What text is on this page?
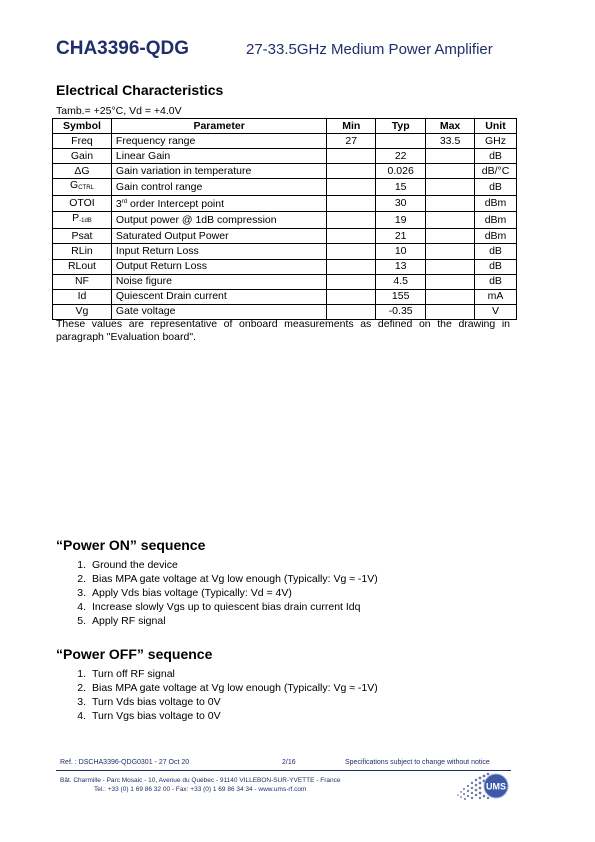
CHA3396-QDG	27-33.5GHz Medium Power Amplifier
Electrical Characteristics
Tamb.= +25°C, Vd = +4.0V
Symbol	Parameter	Min	Typ	Max	Unit
Freq	Frequency range	27		33.5	GHz
Gain	Linear Gain		22		dB
ΔG	Gain variation in temperature		0.026		dB/°C
GCTRL	Gain control range		15		dB
OTOI	3rd order Intercept point		30		dBm
P-1dB	Output power @ 1dB compression		19		dBm
Psat	Saturated Output Power		21		dBm
RLin	Input Return Loss		10		dB
RLout	Output Return Loss		13		dB
NF	Noise figure		4.5		dB
Id	Quiescent Drain current		155		mA
Vg	Gate voltage		-0.35		V
These values are representative of onboard measurements as defined on the drawing in paragraph "Evaluation board".
“Power ON” sequence
1. Ground the device
2. Bias MPA gate voltage at Vg low enough (Typically: Vg ≈ -1V)
3. Apply Vds bias voltage (Typically: Vd = 4V)
4. Increase slowly Vgs up to quiescent bias drain current Idq
5. Apply RF signal
“Power OFF” sequence
1. Turn off RF signal
2. Bias MPA gate voltage at Vg low enough (Typically: Vg ≈ -1V)
3. Turn Vds bias voltage to 0V
4. Turn Vgs bias voltage to 0V
Ref. : DSCHA3396-QDG0301 - 27 Oct 20	2/16	Specifications subject to change without notice
Bât. Charmille - Parc Mosaic - 10, Avenue du Québec - 91140 VILLEBON-SUR-YVETTE - France
Tel.: +33 (0) 1 69 86 32 00 - Fax: +33 (0) 1 69 86 34 34 - www.ums-rf.com	UMS
